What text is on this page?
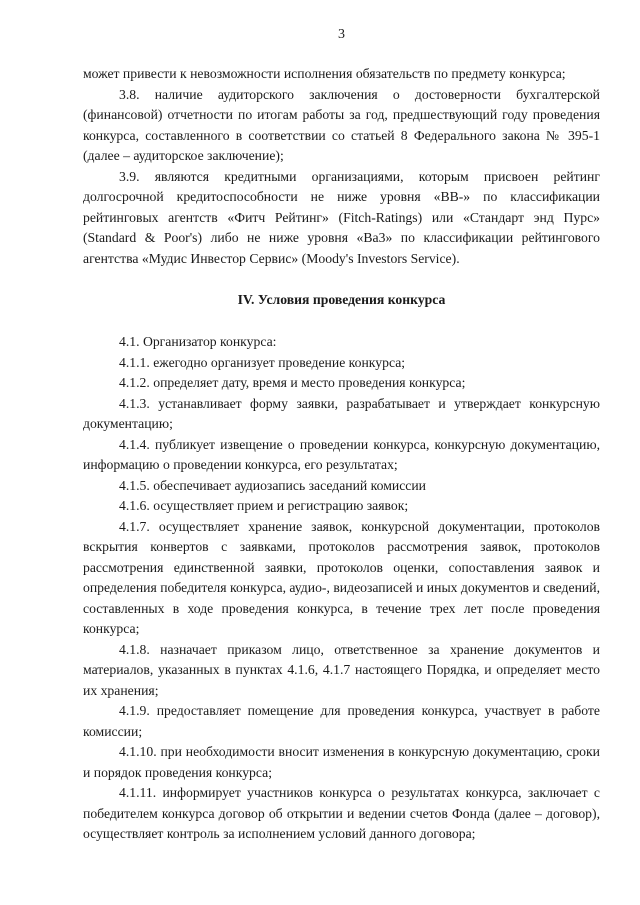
3

может привести к невозможности исполнения обязательств по предмету конкурса;

3.8. наличие аудиторского заключения о достоверности бухгалтерской (финансовой) отчетности по итогам работы за год, предшествующий году проведения конкурса, составленного в соответствии со статьей 8 Федерального закона № 395-1 (далее – аудиторское заключение);

3.9. являются кредитными организациями, которым присвоен рейтинг долгосрочной кредитоспособности не ниже уровня «ВВ-» по классификации рейтинговых агентств «Фитч Рейтинг» (Fitch-Ratings) или «Стандарт энд Пурс» (Standard & Poor's) либо не ниже уровня «Ва3» по классификации рейтингового агентства «Мудис Инвестор Сервис» (Moody's Investors Service).

IV. Условия проведения конкурса

4.1. Организатор конкурса:

4.1.1. ежегодно организует проведение конкурса;

4.1.2. определяет дату, время и место проведения конкурса;

4.1.3. устанавливает форму заявки, разрабатывает и утверждает конкурсную документацию;

4.1.4. публикует извещение о проведении конкурса, конкурсную документацию, информацию о проведении конкурса, его результатах;

4.1.5. обеспечивает аудиозапись заседаний комиссии

4.1.6. осуществляет прием и регистрацию заявок;

4.1.7. осуществляет хранение заявок, конкурсной документации, протоколов вскрытия конвертов с заявками, протоколов рассмотрения заявок, протоколов рассмотрения единственной заявки, протоколов оценки, сопоставления заявок и определения победителя конкурса, аудио-, видеозаписей и иных документов и сведений, составленных в ходе проведения конкурса, в течение трех лет после проведения конкурса;

4.1.8. назначает приказом лицо, ответственное за хранение документов и материалов, указанных в пунктах 4.1.6, 4.1.7 настоящего Порядка, и определяет место их хранения;

4.1.9. предоставляет помещение для проведения конкурса, участвует в работе комиссии;

4.1.10. при необходимости вносит изменения в конкурсную документацию, сроки и порядок проведения конкурса;

4.1.11. информирует участников конкурса о результатах конкурса, заключает с победителем конкурса договор об открытии и ведении счетов Фонда (далее – договор), осуществляет контроль за исполнением условий данного договора;
